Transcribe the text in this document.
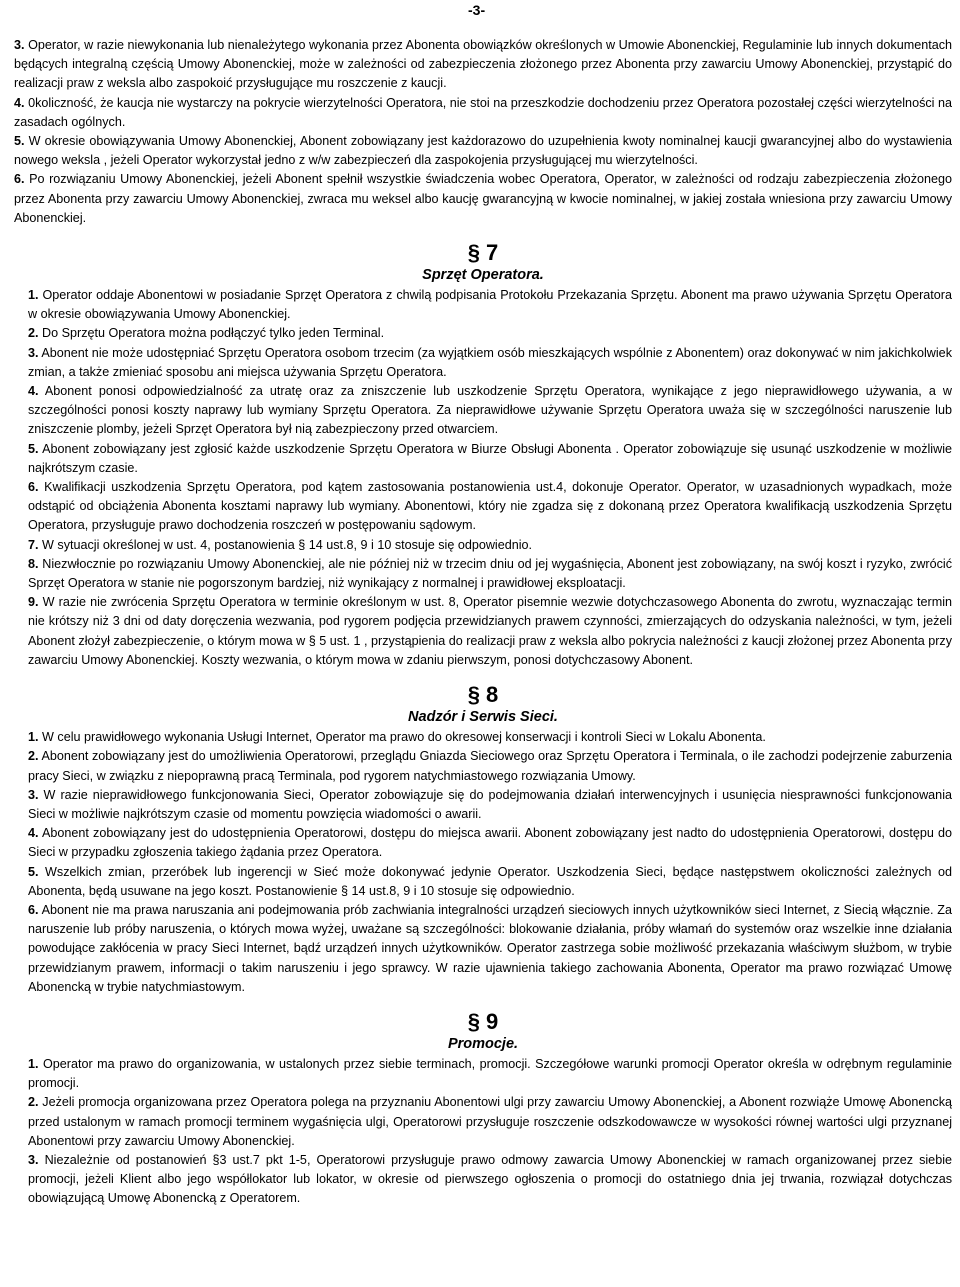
-3-

3. Operator, w razie niewykonania lub nienależytego wykonania przez Abonenta obowiązków określonych w Umowie Abonenckiej, Regulaminie lub innych dokumentach będących integralną częścią Umowy Abonenckiej, może w zależności od zabezpieczenia złożonego przez Abonenta przy zawarciu Umowy Abonenckiej, przystąpić do realizacji praw z weksla albo zaspokoić przysługujące mu roszczenie z kaucji.

4. 0koliczność, że kaucja nie wystarczy na pokrycie wierzytelności Operatora, nie stoi na przeszkodzie dochodzeniu przez Operatora pozostałej części wierzytelności na zasadach ogólnych.

5. W okresie obowiązywania Umowy Abonenckiej, Abonent zobowiązany jest każdorazowo do uzupełnienia kwoty nominalnej kaucji gwarancyjnej albo do wystawienia nowego weksla , jeżeli Operator wykorzystał jedno z w/w zabezpieczeń dla zaspokojenia przysługującej mu wierzytelności.

6. Po rozwiązaniu Umowy Abonenckiej, jeżeli Abonent spełnił wszystkie świadczenia wobec Operatora, Operator, w zależności od rodzaju zabezpieczenia złożonego przez Abonenta przy zawarciu Umowy Abonenckiej, zwraca mu weksel albo kaucję gwarancyjną w kwocie nominalnej, w jakiej została wniesiona przy zawarciu Umowy Abonenckiej.

§ 7
Sprzęt Operatora.

1. Operator oddaje Abonentowi w posiadanie Sprzęt Operatora z chwilą podpisania Protokołu Przekazania Sprzętu. Abonent ma prawo używania Sprzętu Operatora w okresie obowiązywania Umowy Abonenckiej.

2. Do Sprzętu Operatora można podłączyć tylko jeden Terminal.

3. Abonent nie może udostępniać Sprzętu Operatora osobom trzecim (za wyjątkiem osób mieszkających wspólnie z Abonentem) oraz dokonywać w nim jakichkolwiek zmian, a także zmieniać sposobu ani miejsca używania Sprzętu Operatora.

4. Abonent ponosi odpowiedzialność za utratę oraz za zniszczenie lub uszkodzenie Sprzętu Operatora, wynikające z jego nieprawidłowego używania, a w szczególności ponosi koszty naprawy lub wymiany Sprzętu Operatora. Za nieprawidłowe używanie Sprzętu Operatora uważa się w szczególności naruszenie lub zniszczenie plomby, jeżeli Sprzęt Operatora był nią zabezpieczony przed otwarciem.

5. Abonent zobowiązany jest zgłosić każde uszkodzenie Sprzętu Operatora w Biurze Obsługi Abonenta . Operator zobowiązuje się usunąć uszkodzenie w możliwie najkrótszym czasie.

6. Kwalifikacji uszkodzenia Sprzętu Operatora, pod kątem zastosowania postanowienia ust.4, dokonuje Operator. Operator, w uzasadnionych wypadkach, może odstąpić od obciążenia Abonenta kosztami naprawy lub wymiany. Abonentowi, który nie zgadza się z dokonaną przez Operatora kwalifikacją uszkodzenia Sprzętu Operatora, przysługuje prawo dochodzenia roszczeń w postępowaniu sądowym.

7. W sytuacji określonej w ust. 4, postanowienia § 14 ust.8, 9 i 10 stosuje się odpowiednio.

8. Niezwłocznie po rozwiązaniu Umowy Abonenckiej, ale nie później niż w trzecim dniu od jej wygaśnięcia, Abonent jest zobowiązany, na swój koszt i ryzyko, zwrócić Sprzęt Operatora w stanie nie pogorszonym bardziej, niż wynikający z normalnej i prawidłowej eksploatacji.

9. W razie nie zwrócenia Sprzętu Operatora w terminie określonym w ust. 8, Operator pisemnie wezwie dotychczasowego Abonenta do zwrotu, wyznaczając termin nie krótszy niż 3 dni od daty doręczenia wezwania, pod rygorem podjęcia przewidzianych prawem czynności, zmierzających do odzyskania należności, w tym, jeżeli Abonent złożył zabezpieczenie, o którym mowa w § 5 ust. 1 , przystąpienia do realizacji praw z weksla albo pokrycia należności z kaucji złożonej przez Abonenta przy zawarciu Umowy Abonenckiej. Koszty wezwania, o którym mowa w zdaniu pierwszym, ponosi dotychczasowy Abonent.

§ 8
Nadzór i Serwis Sieci.

1. W celu prawidłowego wykonania Usługi Internet, Operator ma prawo do okresowej konserwacji i kontroli Sieci w Lokalu Abonenta.

2. Abonent zobowiązany jest do umożliwienia Operatorowi, przeglądu Gniazda Sieciowego oraz Sprzętu Operatora i Terminala, o ile zachodzi podejrzenie zaburzenia pracy Sieci, w związku z niepoprawną pracą Terminala, pod rygorem natychmiastowego rozwiązania Umowy.

3. W razie nieprawidłowego funkcjonowania Sieci, Operator zobowiązuje się do podejmowania działań interwencyjnych i usunięcia niesprawności funkcjonowania Sieci w możliwie najkrótszym czasie od momentu powzięcia wiadomości o awarii.

4. Abonent zobowiązany jest do udostępnienia Operatorowi, dostępu do miejsca awarii. Abonent zobowiązany jest nadto do udostępnienia Operatorowi, dostępu do Sieci w przypadku zgłoszenia takiego żądania przez Operatora.

5. Wszelkich zmian, przeróbek lub ingerencji w Sieć może dokonywać jedynie Operator. Uszkodzenia Sieci, będące następstwem okoliczności zależnych od Abonenta, będą usuwane na jego koszt. Postanowienie § 14 ust.8, 9 i 10 stosuje się odpowiednio.

6. Abonent nie ma prawa naruszania ani podejmowania prób zachwiania integralności urządzeń sieciowych innych użytkowników sieci Internet, z Siecią włącznie. Za naruszenie lub próby naruszenia, o których mowa wyżej, uważane są szczególności: blokowanie działania, próby włamań do systemów oraz wszelkie inne działania powodujące zakłócenia w pracy Sieci Internet, bądź urządzeń innych użytkowników. Operator zastrzega sobie możliwość przekazania właściwym służbom, w trybie przewidzianym prawem, informacji o takim naruszeniu i jego sprawcy. W razie ujawnienia takiego zachowania Abonenta, Operator ma prawo rozwiązać Umowę Abonencką w trybie natychmiastowym.

§ 9
Promocje.

1. Operator ma prawo do organizowania, w ustalonych przez siebie terminach, promocji. Szczegółowe warunki promocji Operator określa w odrębnym regulaminie promocji.

2. Jeżeli promocja organizowana przez Operatora polega na przyznaniu Abonentowi ulgi przy zawarciu Umowy Abonenckiej, a Abonent rozwiąże Umowę Abonencką przed ustalonym w ramach promocji terminem wygaśnięcia ulgi, Operatorowi przysługuje roszczenie odszkodowawcze w wysokości równej wartości ulgi przyznanej Abonentowi przy zawarciu Umowy Abonenckiej.

3. Niezależnie od postanowień §3 ust.7 pkt 1-5, Operatorowi przysługuje prawo odmowy zawarcia Umowy Abonenckiej w ramach organizowanej przez siebie promocji, jeżeli Klient albo jego współlokator lub lokator, w okresie od pierwszego ogłoszenia o promocji do ostatniego dnia jej trwania, rozwiązał dotychczas obowiązującą Umowę Abonencką z Operatorem.
